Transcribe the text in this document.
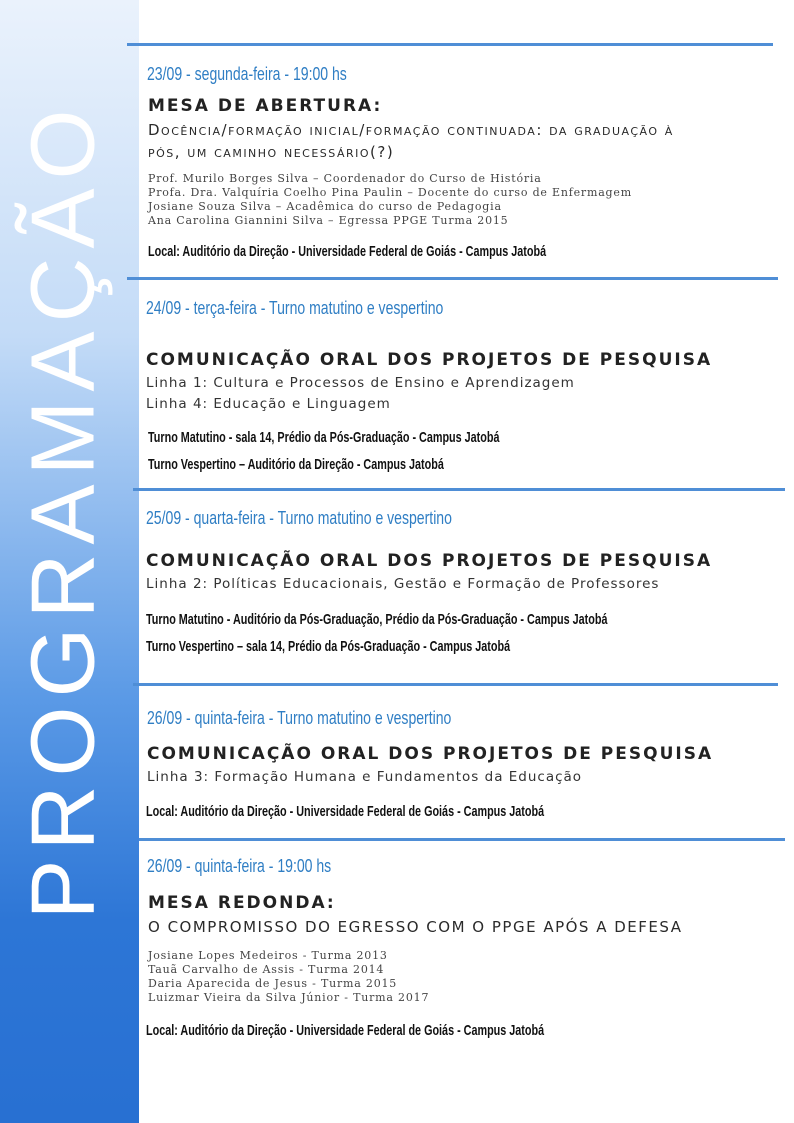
PROGRAMAÇÃO
23/09 - segunda-feira - 19:00 hs
MESA DE ABERTURA:
Docência/formação inicial/formação continuada: da graduação à pós, um caminho necessário(?)
Prof. Murilo Borges Silva – Coordenador do Curso de História
Profa. Dra. Valquíria Coelho Pina Paulin – Docente do curso de Enfermagem
Josiane Souza Silva – Acadêmica do curso de Pedagogia
Ana Carolina Giannini Silva – Egressa PPGE Turma 2015
Local: Auditório da Direção - Universidade Federal de Goiás - Campus Jatobá
24/09 - terça-feira - Turno matutino e vespertino
COMUNICAÇÃO ORAL DOS PROJETOS DE PESQUISA
Linha 1: Cultura e Processos de Ensino e Aprendizagem
Linha 4: Educação e Linguagem
Turno Matutino - sala 14, Prédio da Pós-Graduação - Campus Jatobá
Turno Vespertino – Auditório da Direção - Campus Jatobá
25/09 - quarta-feira - Turno matutino e vespertino
COMUNICAÇÃO ORAL DOS PROJETOS DE PESQUISA
Linha 2: Políticas Educacionais, Gestão e Formação de Professores
Turno Matutino - Auditório da Pós-Graduação, Prédio da Pós-Graduação - Campus Jatobá
Turno Vespertino – sala 14, Prédio da Pós-Graduação - Campus Jatobá
26/09 - quinta-feira - Turno matutino e vespertino
COMUNICAÇÃO ORAL DOS PROJETOS DE PESQUISA
Linha 3: Formação Humana e Fundamentos da Educação
Local: Auditório da Direção - Universidade Federal de Goiás - Campus Jatobá
26/09 - quinta-feira - 19:00 hs
MESA REDONDA:
O COMPROMISSO DO EGRESSO COM O PPGE APÓS A DEFESA
Josiane Lopes Medeiros - Turma 2013
Tauã Carvalho de Assis - Turma 2014
Daria Aparecida de Jesus - Turma 2015
Luizmar Vieira da Silva Júnior - Turma 2017
Local: Auditório da Direção - Universidade Federal de Goiás - Campus Jatobá
